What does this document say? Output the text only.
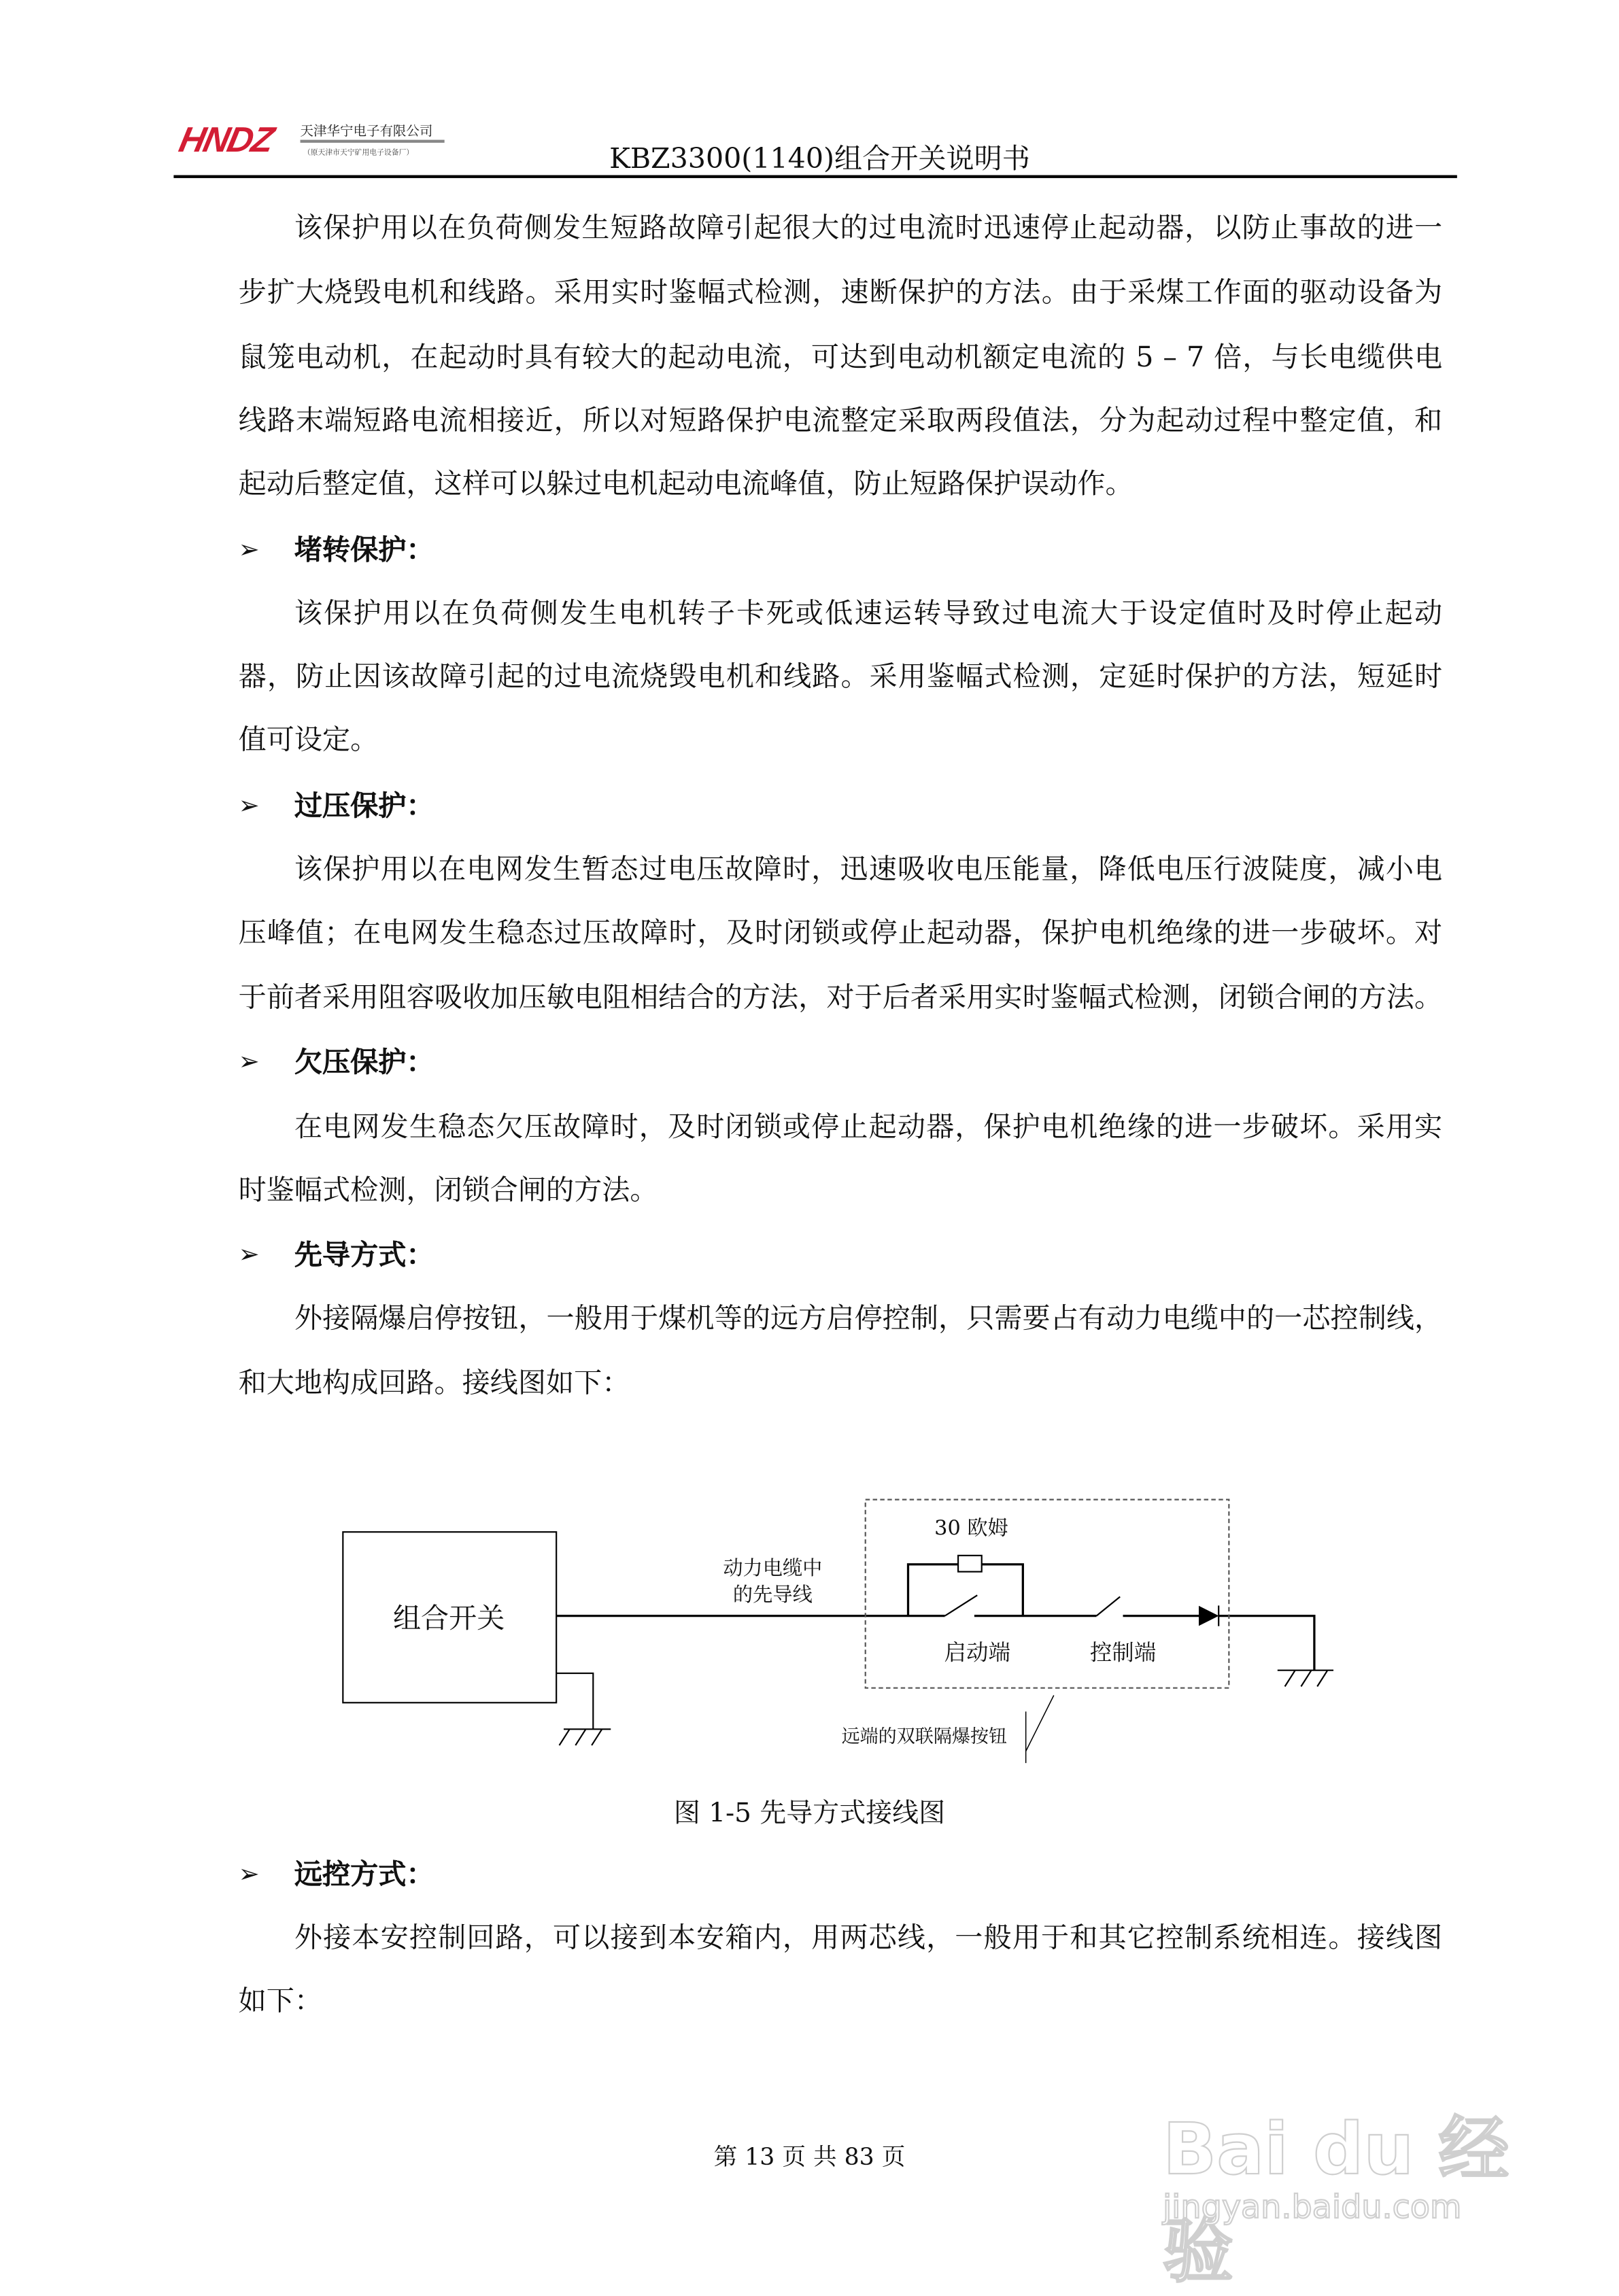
HNDZ	天津华宁电子有限公司
（原天津市天宁矿用电子设备厂）	KBZ3300(1140)组合开关说明书
该保护用以在负荷侧发生短路故障引起很大的过电流时迅速停止起动器，以防止事故的进一
步扩大烧毁电机和线路。采用实时鉴幅式检测，速断保护的方法。由于采煤工作面的驱动设备为
鼠笼电动机，在起动时具有较大的起动电流，可达到电动机额定电流的 5 – 7 倍，与长电缆供电
线路末端短路电流相接近，所以对短路保护电流整定采取两段值法，分为起动过程中整定值，和
起动后整定值，这样可以躲过电机起动电流峰值，防止短路保护误动作。
➢	堵转保护：
该保护用以在负荷侧发生电机转子卡死或低速运转导致过电流大于设定值时及时停止起动
器，防止因该故障引起的过电流烧毁电机和线路。采用鉴幅式检测，定延时保护的方法，短延时
值可设定。
➢	过压保护：
该保护用以在电网发生暂态过电压故障时，迅速吸收电压能量，降低电压行波陡度，减小电
压峰值；在电网发生稳态过压故障时，及时闭锁或停止起动器，保护电机绝缘的进一步破坏。对
于前者采用阻容吸收加压敏电阻相结合的方法，对于后者采用实时鉴幅式检测，闭锁合闸的方法。
➢	欠压保护：
在电网发生稳态欠压故障时，及时闭锁或停止起动器，保护电机绝缘的进一步破坏。采用实
时鉴幅式检测，闭锁合闸的方法。
➢	先导方式：
外接隔爆启停按钮，一般用于煤机等的远方启停控制，只需要占有动力电缆中的一芯控制线，
和大地构成回路。接线图如下：
组合开关
30 欧姆
动力电缆中
的先导线
启动端	控制端
远端的双联隔爆按钮
图 1-5 先导方式接线图
➢	远控方式：
外接本安控制回路，可以接到本安箱内，用两芯线，一般用于和其它控制系统相连。接线图
如下：
第 13 页 共 83 页	Bai du 经验
jingyan.baidu.com
